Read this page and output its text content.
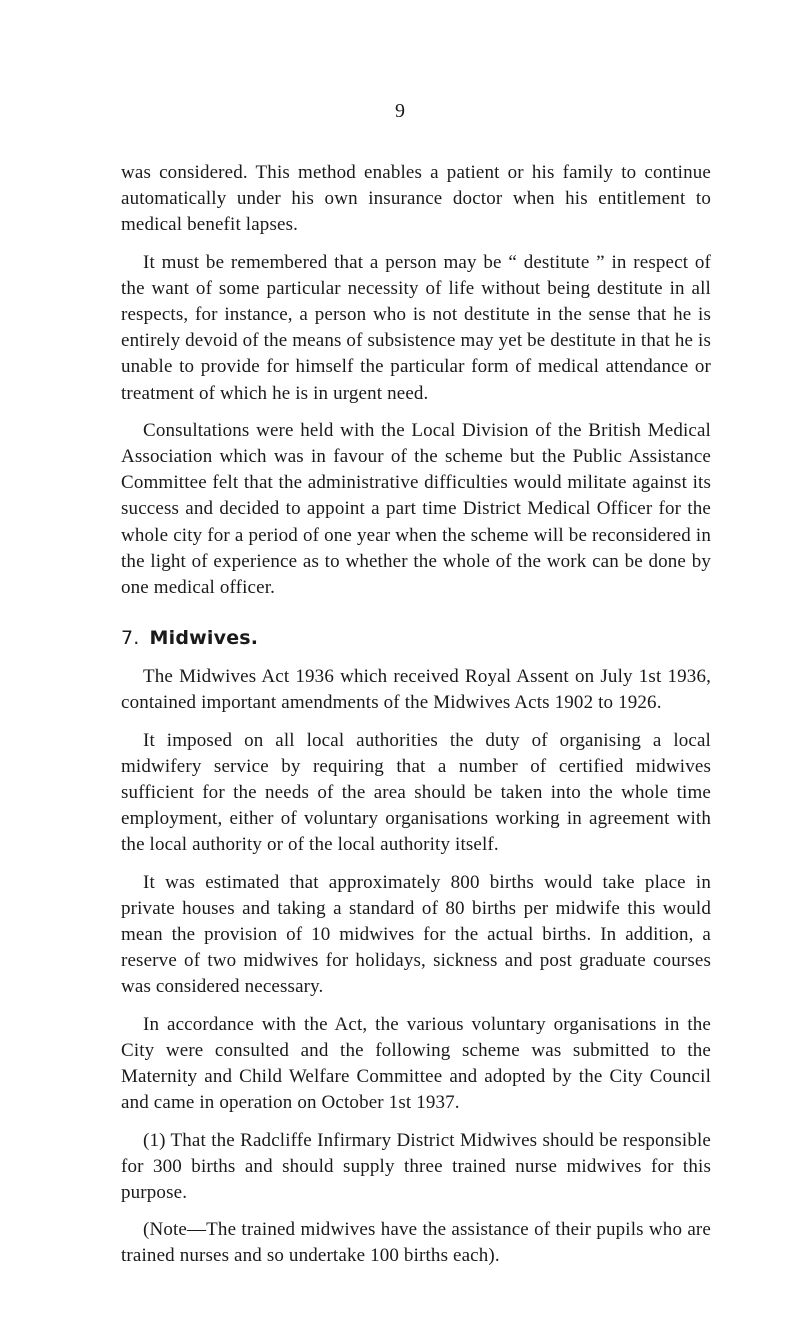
9

was considered. This method enables a patient or his family to continue automatically under his own insurance doctor when his entitlement to medical benefit lapses.

It must be remembered that a person may be “ destitute ” in respect of the want of some particular necessity of life without being destitute in all respects, for instance, a person who is not destitute in the sense that he is entirely devoid of the means of subsistence may yet be destitute in that he is unable to provide for himself the particular form of medical attendance or treatment of which he is in urgent need.

Consultations were held with the Local Division of the British Medical Association which was in favour of the scheme but the Public Assistance Committee felt that the administrative difficulties would militate against its success and decided to appoint a part time District Medical Officer for the whole city for a period of one year when the scheme will be reconsidered in the light of experience as to whether the whole of the work can be done by one medical officer.

7. Midwives.

The Midwives Act 1936 which received Royal Assent on July 1st 1936, contained important amendments of the Midwives Acts 1902 to 1926.

It imposed on all local authorities the duty of organising a local midwifery service by requiring that a number of certified midwives sufficient for the needs of the area should be taken into the whole time employment, either of voluntary organisations working in agreement with the local authority or of the local authority itself.

It was estimated that approximately 800 births would take place in private houses and taking a standard of 80 births per midwife this would mean the provision of 10 midwives for the actual births. In addition, a reserve of two midwives for holidays, sickness and post graduate courses was considered necessary.

In accordance with the Act, the various voluntary organisations in the City were consulted and the following scheme was submitted to the Maternity and Child Welfare Committee and adopted by the City Council and came in operation on October 1st 1937.

(1) That the Radcliffe Infirmary District Midwives should be responsible for 300 births and should supply three trained nurse midwives for this purpose.

(Note—The trained midwives have the assistance of their pupils who are trained nurses and so undertake 100 births each).
